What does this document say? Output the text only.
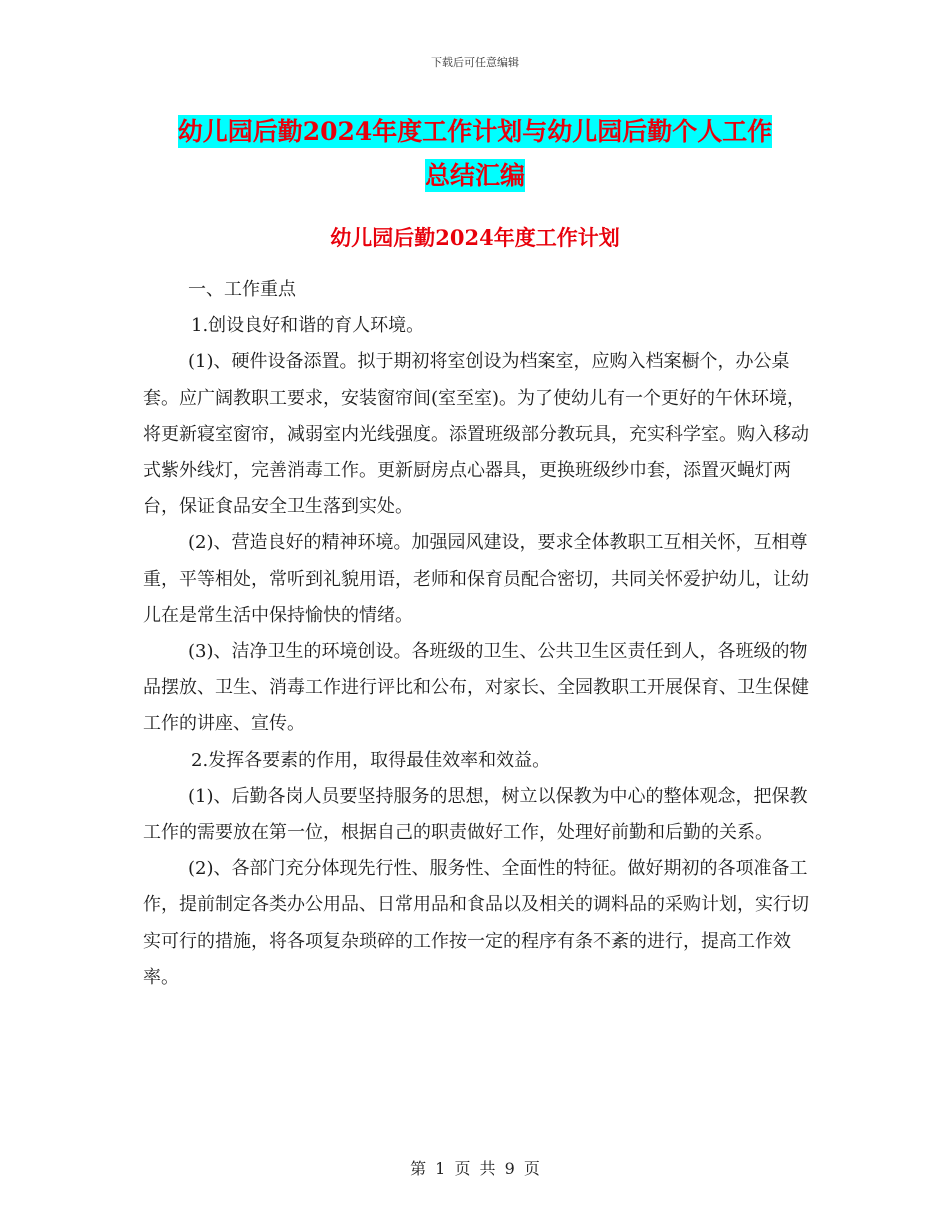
下载后可任意编辑
幼儿园后勤2024年度工作计划与幼儿园后勤个人工作
总结汇编
幼儿园后勤2024年度工作计划

一、工作重点

1.创设良好和谐的育人环境。

(1)、硬件设备添置。拟于期初将室创设为档案室，应购入档案橱个，办公桌套。应广阔教职工要求，安装窗帘间(室至室)。为了使幼儿有一个更好的午休环境，将更新寝室窗帘，减弱室内光线强度。添置班级部分教玩具，充实科学室。购入移动式紫外线灯，完善消毒工作。更新厨房点心器具，更换班级纱巾套，添置灭蝇灯两台，保证食品安全卫生落到实处。

(2)、营造良好的精神环境。加强园风建设，要求全体教职工互相关怀，互相尊重，平等相处，常听到礼貌用语，老师和保育员配合密切，共同关怀爱护幼儿，让幼儿在是常生活中保持愉快的情绪。

(3)、洁净卫生的环境创设。各班级的卫生、公共卫生区责任到人，各班级的物品摆放、卫生、消毒工作进行评比和公布，对家长、全园教职工开展保育、卫生保健工作的讲座、宣传。

2.发挥各要素的作用，取得最佳效率和效益。

(1)、后勤各岗人员要坚持服务的思想，树立以保教为中心的整体观念，把保教工作的需要放在第一位，根据自己的职责做好工作，处理好前勤和后勤的关系。

(2)、各部门充分体现先行性、服务性、全面性的特征。做好期初的各项准备工作，提前制定各类办公用品、日常用品和食品以及相关的调料品的采购计划，实行切实可行的措施，将各项复杂琐碎的工作按一定的程序有条不紊的进行，提高工作效率。

第 1 页 共 9 页
